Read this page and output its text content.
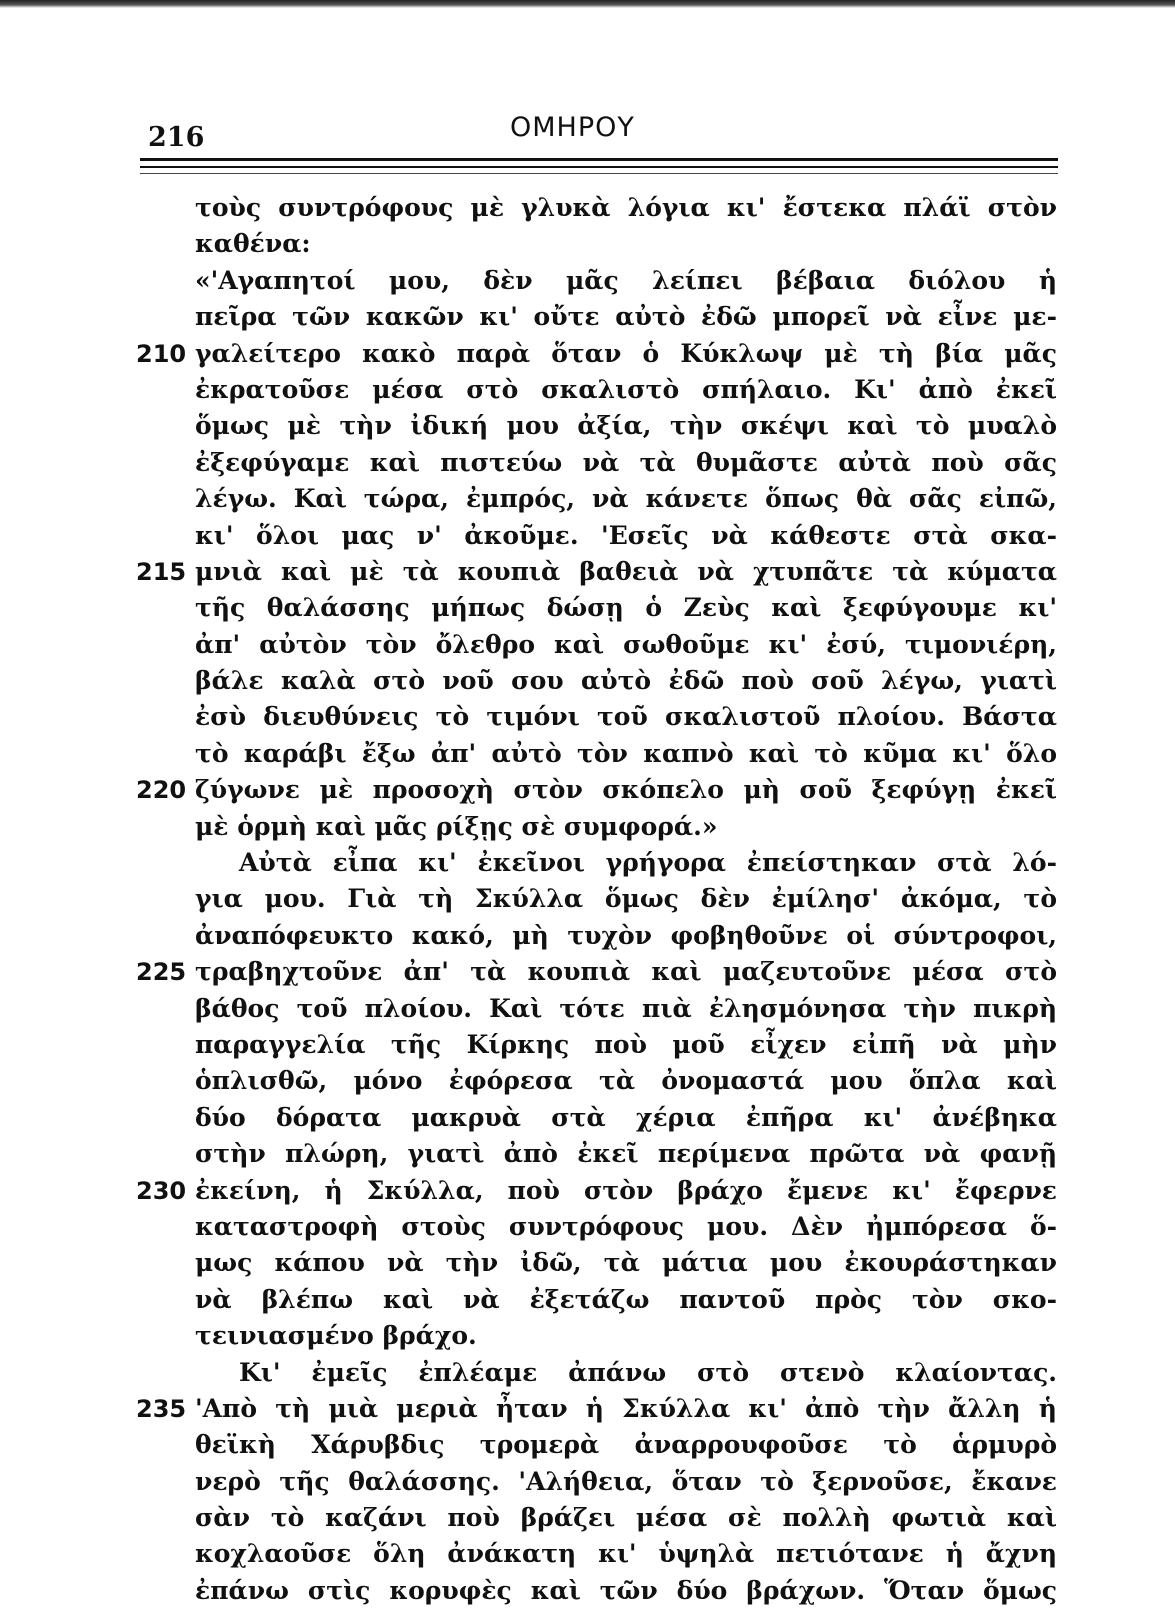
216	ΟΜΗΡΟΥ
τοὺς συντρόφους μὲ γλυκὰ λόγια κι' ἔστεκα πλάϊ στὸν
καθένα:
«'Αγαπητοί μου, δὲν μᾶς λείπει βέβαια διόλου ἡ
πεῖρα τῶν κακῶν κι' οὔτε αὐτὸ ἐδῶ μπορεῖ νὰ εἶνε με-
210 γαλείτερο κακὸ παρὰ ὅταν ὁ Κύκλωψ μὲ τὴ βία μᾶς
ἐκρατοῦσε μέσα στὸ σκαλιστὸ σπήλαιο. Κι' ἀπὸ ἐκεῖ
ὅμως μὲ τὴν ἰδική μου ἀξία, τὴν σκέψι καὶ τὸ μυαλὸ
ἐξεφύγαμε καὶ πιστεύω νὰ τὰ θυμᾶστε αὐτὰ ποὺ σᾶς
λέγω. Καὶ τώρα, ἐμπρός, νὰ κάνετε ὅπως θὰ σᾶς εἰπῶ,
κι' ὅλοι μας ν' ἀκοῦμε. 'Εσεῖς νὰ κάθεστε στὰ σκα-
215 μνιὰ καὶ μὲ τὰ κουπιὰ βαθειὰ νὰ χτυπᾶτε τὰ κύματα
τῆς θαλάσσης μήπως δώσῃ ὁ Ζεὺς καὶ ξεφύγουμε κι'
ἀπ' αὐτὸν τὸν ὄλεθρο καὶ σωθοῦμε κι' ἐσύ, τιμονιέρη,
βάλε καλὰ στὸ νοῦ σου αὐτὸ ἐδῶ ποὺ σοῦ λέγω, γιατὶ
ἐσὺ διευθύνεις τὸ τιμόνι τοῦ σκαλιστοῦ πλοίου. Βάστα
τὸ καράβι ἔξω ἀπ' αὐτὸ τὸν καπνὸ καὶ τὸ κῦμα κι' ὅλο
220 ζύγωνε μὲ προσοχὴ στὸν σκόπελο μὴ σοῦ ξεφύγῃ ἐκεῖ
μὲ ὁρμὴ καὶ μᾶς ρίξῃς σὲ συμφορά.»
Αὐτὰ εἶπα κι' ἐκεῖνοι γρήγορα ἐπείστηκαν στὰ λό-
για μου. Γιὰ τὴ Σκύλλα ὅμως δὲν ἐμίλησ' ἀκόμα, τὸ
ἀναπόφευκτο κακό, μὴ τυχὸν φοβηθοῦνε οἱ σύντροφοι,
225 τραβηχτοῦνε ἀπ' τὰ κουπιὰ καὶ μαζευτοῦνε μέσα στὸ
βάθος τοῦ πλοίου. Καὶ τότε πιὰ ἐλησμόνησα τὴν πικρὴ
παραγγελία τῆς Κίρκης ποὺ μοῦ εἶχεν εἰπῆ νὰ μὴν
ὁπλισθῶ, μόνο ἐφόρεσα τὰ ὀνομαστά μου ὅπλα καὶ
δύο δόρατα μακρυὰ στὰ χέρια ἐπῆρα κι' ἀνέβηκα
στὴν πλώρη, γιατὶ ἀπὸ ἐκεῖ περίμενα πρῶτα νὰ φανῇ
230 ἐκείνη, ἡ Σκύλλα, ποὺ στὸν βράχο ἔμενε κι' ἔφερνε
καταστροφὴ στοὺς συντρόφους μου. Δὲν ἠμπόρεσα ὅ-
μως κάπου νὰ τὴν ἰδῶ, τὰ μάτια μου ἐκουράστηκαν
νὰ βλέπω καὶ νὰ ἐξετάζω παντοῦ πρὸς τὸν σκο-
τεινιασμένο βράχο.
Κι' ἐμεῖς ἐπλέαμε ἀπάνω στὸ στενὸ κλαίοντας.
235 'Απὸ τὴ μιὰ μεριὰ ἦταν ἡ Σκύλλα κι' ἀπὸ τὴν ἄλλη ἡ
θεϊκὴ Χάρυβδις τρομερὰ ἀναρρουφοῦσε τὸ ἁρμυρὸ
νερὸ τῆς θαλάσσης. 'Αλήθεια, ὅταν τὸ ξερνοῦσε, ἔκανε
σὰν τὸ καζάνι ποὺ βράζει μέσα σὲ πολλὴ φωτιὰ καὶ
κοχλαοῦσε ὅλη ἀνάκατη κι' ὑψηλὰ πετιότανε ἡ ἄχνη
ἐπάνω στὶς κορυφὲς καὶ τῶν δύο βράχων. Ὅταν ὅμως
